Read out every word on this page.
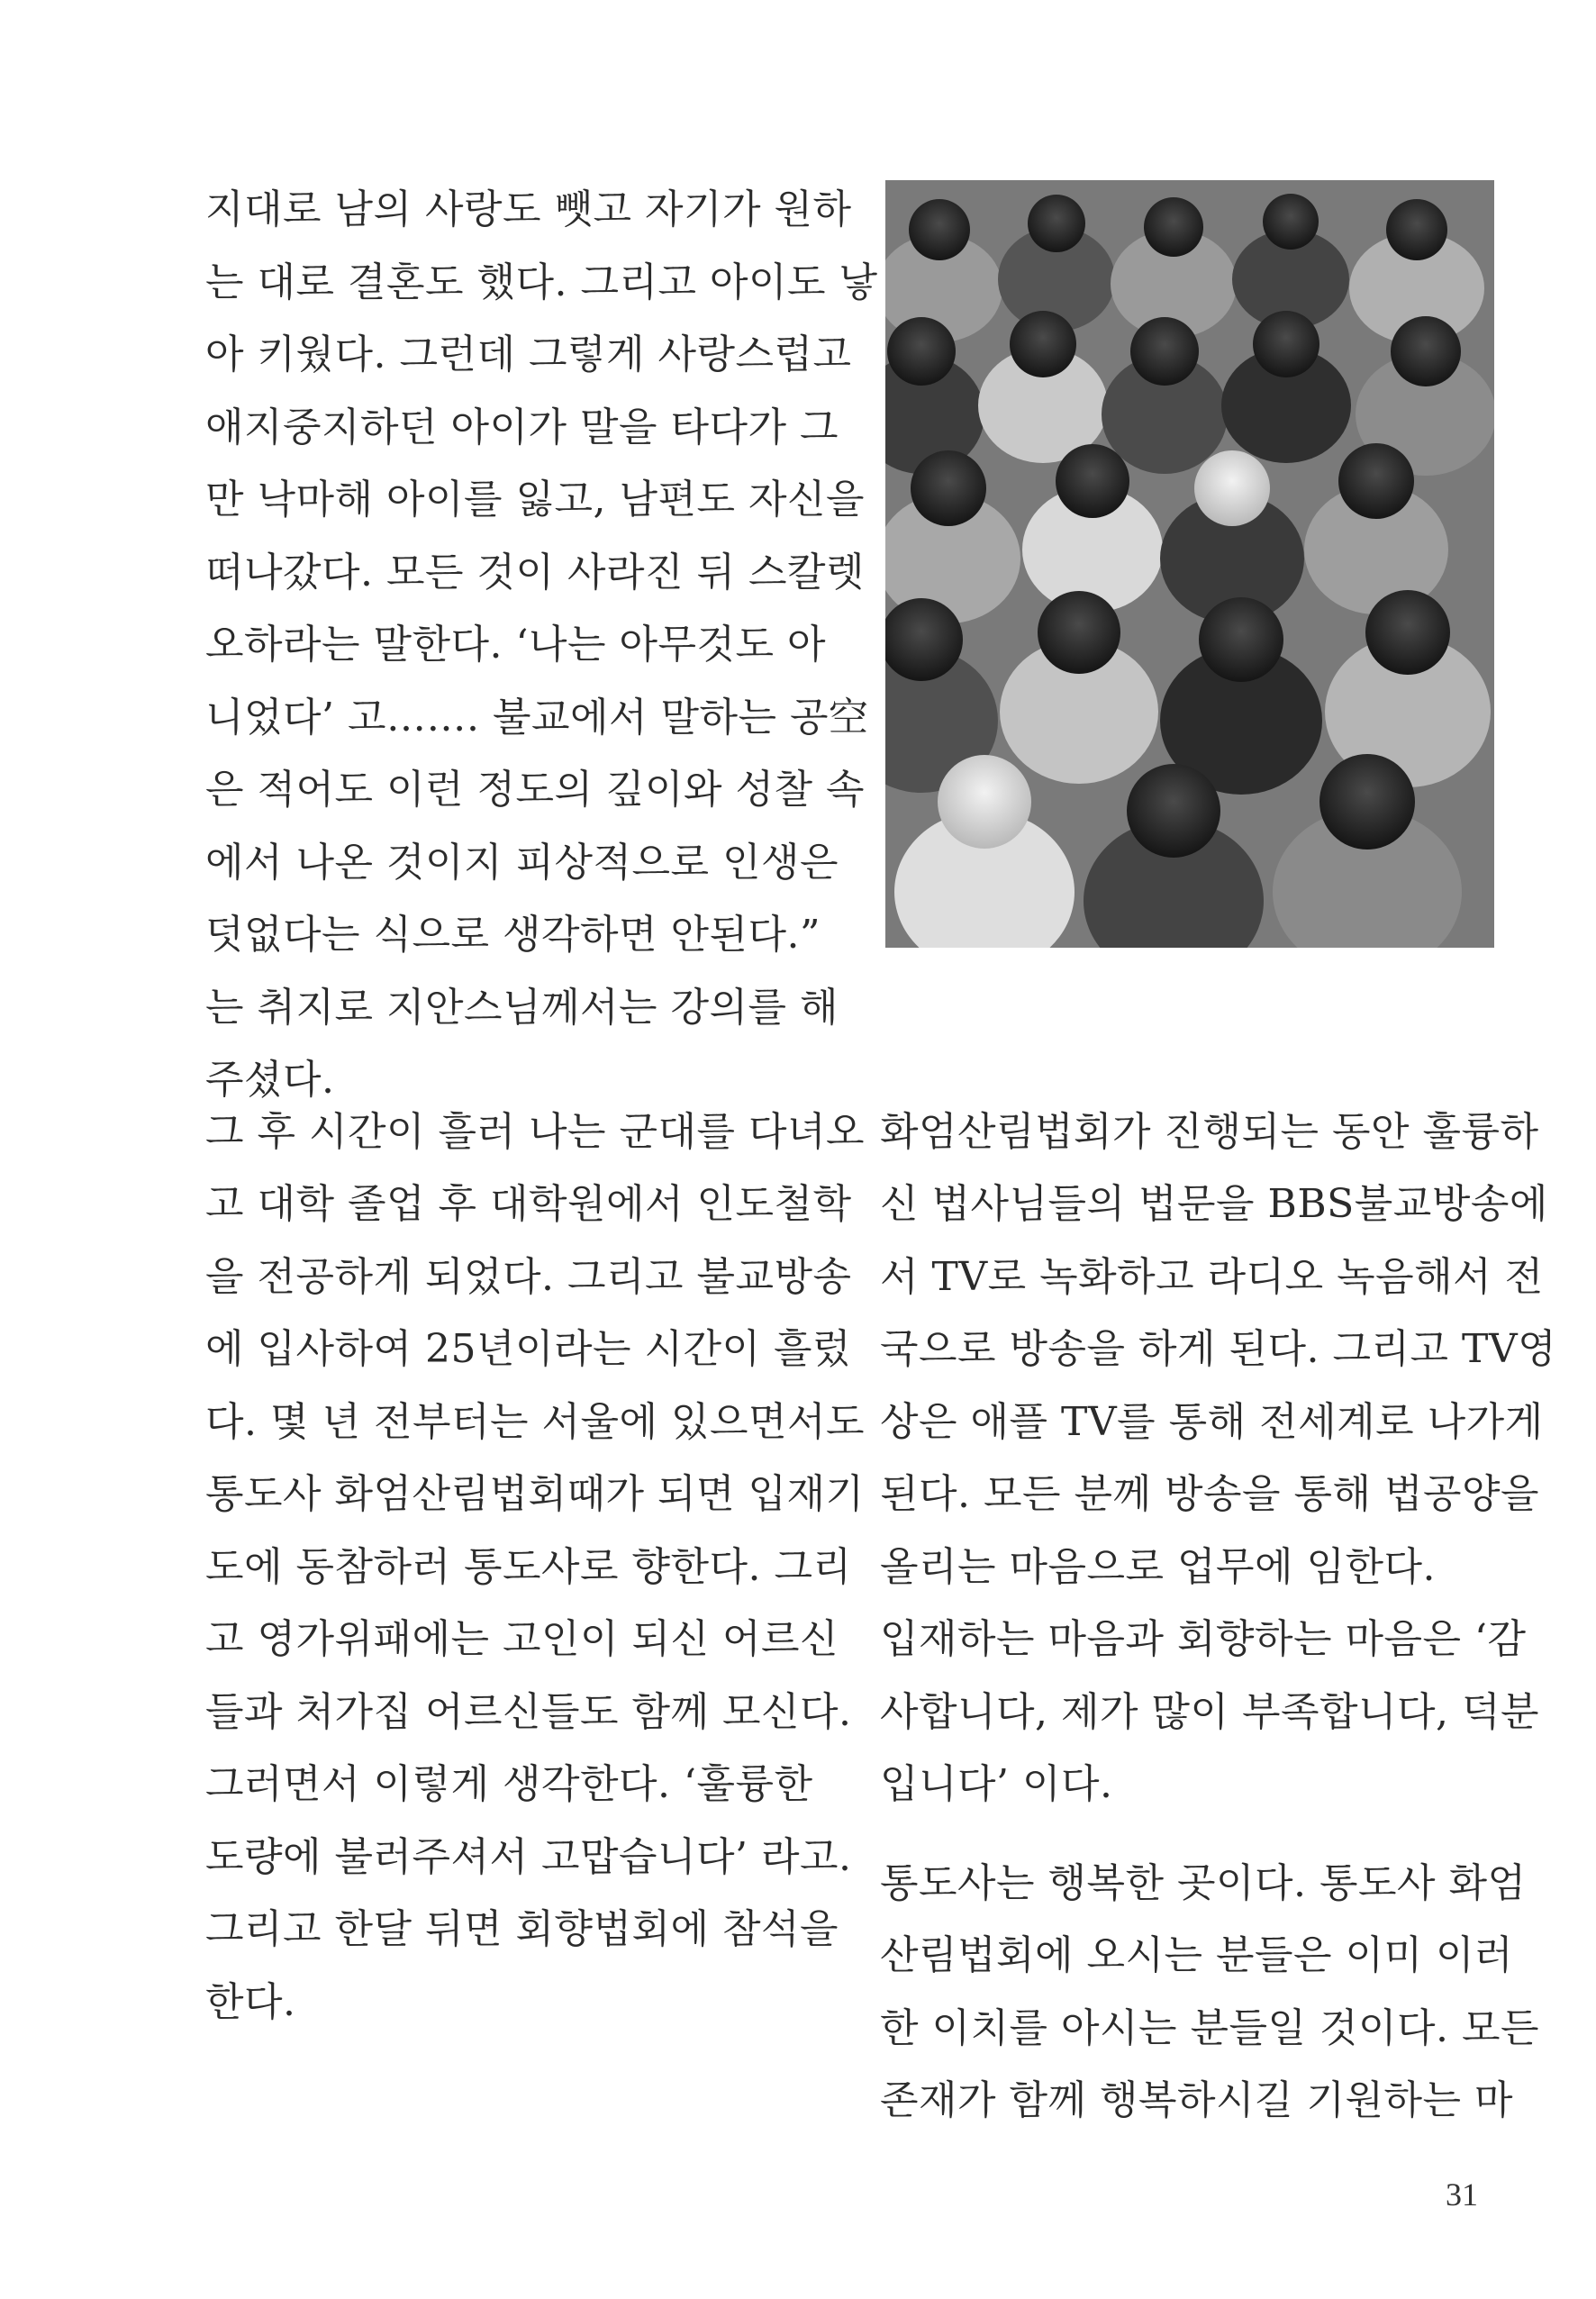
지대로 남의 사랑도 뺏고 자기가 원하
는 대로 결혼도 했다. 그리고 아이도 낳
아 키웠다. 그런데 그렇게 사랑스럽고
애지중지하던 아이가 말을 타다가 그
만 낙마해 아이를 잃고, 남편도 자신을
떠나갔다. 모든 것이 사라진 뒤 스칼렛
오하라는 말한다. ‘나는 아무것도 아
니었다’ 고……. 불교에서 말하는 공空
은 적어도 이런 정도의 깊이와 성찰 속
에서 나온 것이지 피상적으로 인생은
덧없다는 식으로 생각하면 안된다.”
는 취지로 지안스님께서는 강의를 해
주셨다.
그 후 시간이 흘러 나는 군대를 다녀오
고 대학 졸업 후 대학원에서 인도철학
을 전공하게 되었다. 그리고 불교방송
에 입사하여 25년이라는 시간이 흘렀
다. 몇 년 전부터는 서울에 있으면서도
통도사 화엄산림법회때가 되면 입재기
도에 동참하러 통도사로 향한다. 그리
고 영가위패에는 고인이 되신 어르신
들과 처가집 어르신들도 함께 모신다.
그러면서 이렇게 생각한다. ‘훌륭한
도량에 불러주셔서 고맙습니다’ 라고.
그리고 한달 뒤면 회향법회에 참석을
한다.
화엄산림법회가 진행되는 동안 훌륭하
신 법사님들의 법문을 BBS불교방송에
서 TV로 녹화하고 라디오 녹음해서 전
국으로 방송을 하게 된다. 그리고 TV영
상은 애플 TV를 통해 전세계로 나가게
된다. 모든 분께 방송을 통해 법공양을
올리는 마음으로 업무에 임한다.
입재하는 마음과 회향하는 마음은 ‘감
사합니다, 제가 많이 부족합니다, 덕분
입니다’ 이다.
통도사는 행복한 곳이다. 통도사 화엄
산림법회에 오시는 분들은 이미 이러
한 이치를 아시는 분들일 것이다. 모든
존재가 함께 행복하시길 기원하는 마
31
